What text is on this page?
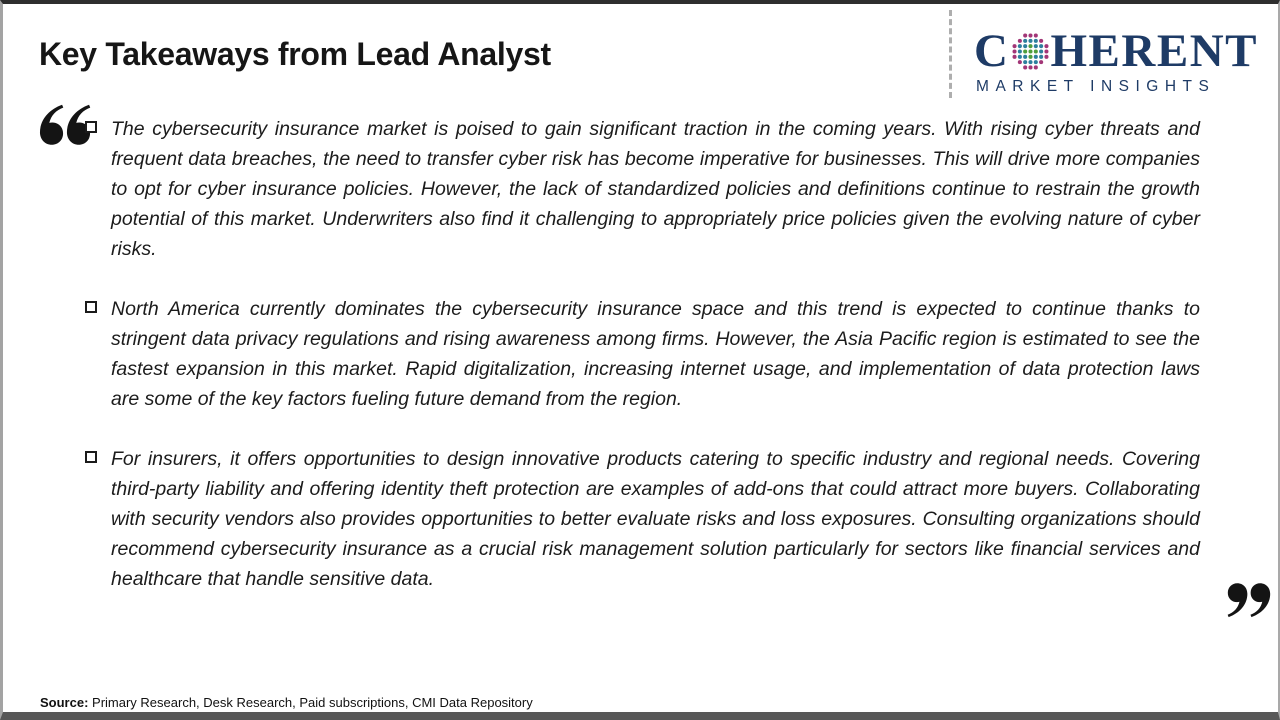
Key Takeaways from Lead Analyst	C HERENT
MARKET INSIGHTS
The cybersecurity insurance market is poised to gain significant traction in the coming years. With rising cyber threats and frequent data breaches, the need to transfer cyber risk has become imperative for businesses. This will drive more companies to opt for cyber insurance policies. However, the lack of standardized policies and definitions continue to restrain the growth potential of this market. Underwriters also find it challenging to appropriately price policies given the evolving nature of cyber risks.
North America currently dominates the cybersecurity insurance space and this trend is expected to continue thanks to stringent data privacy regulations and rising awareness among firms. However, the Asia Pacific region is estimated to see the fastest expansion in this market. Rapid digitalization, increasing internet usage, and implementation of data protection laws are some of the key factors fueling future demand from the region.
For insurers, it offers opportunities to design innovative products catering to specific industry and regional needs. Covering third-party liability and offering identity theft protection are examples of add-ons that could attract more buyers. Collaborating with security vendors also provides opportunities to better evaluate risks and loss exposures. Consulting organizations should recommend cybersecurity insurance as a crucial risk management solution particularly for sectors like financial services and healthcare that handle sensitive data.
Source: Primary Research, Desk Research, Paid subscriptions, CMI Data Repository
